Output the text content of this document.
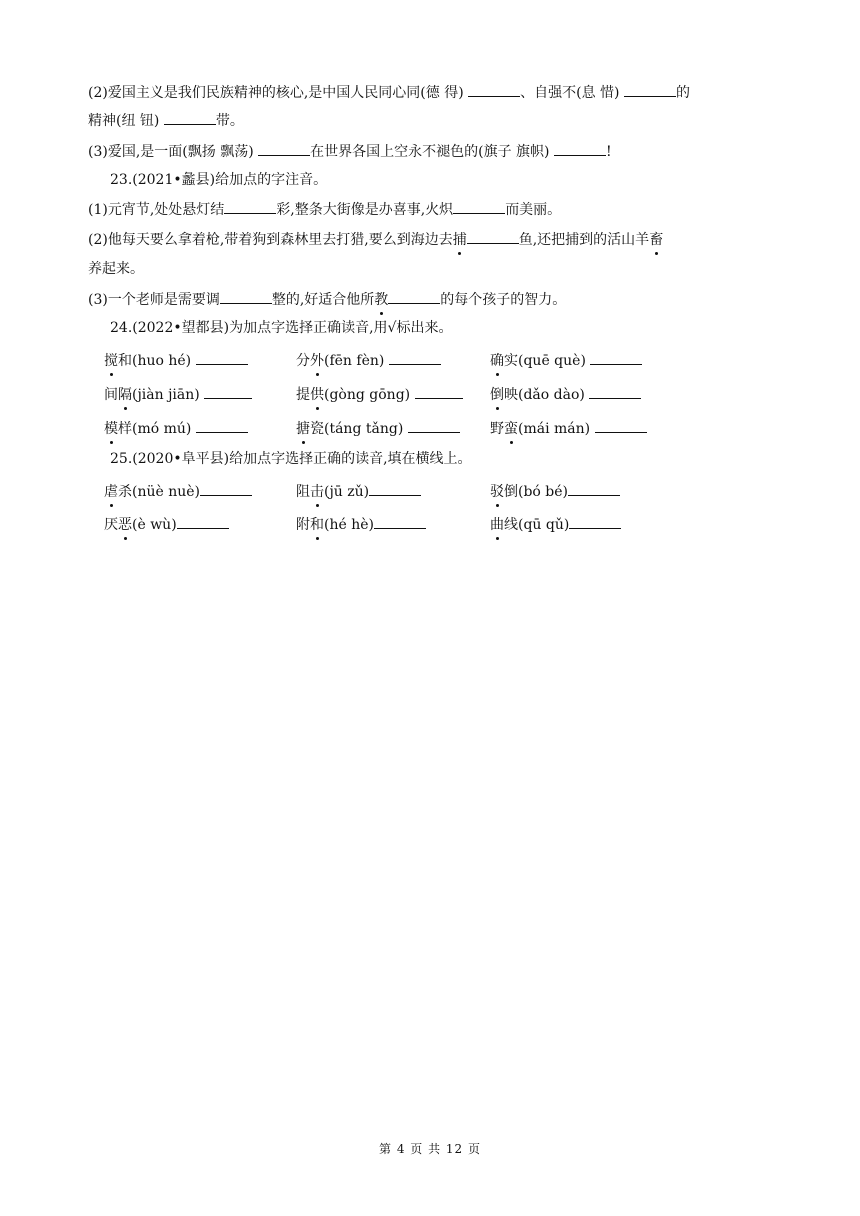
(2)爱国主义是我们民族精神的核心,是中国人民同心同(德 得)	、自强不(息 惜)	的
精神(纽 钮)	带。
(3)爱国,是一面(飘扬 飘荡)	在世界各国上空永不褪色的(旗子 旗帜)	!
23.(2021•蠡县)给加点的字注音。
(1)元宵节,处处悬灯结	彩,整条大街像是办喜事,火炽	而美丽。
(2)他每天要么拿着枪,带着狗到森林里去打猎,要么到海边去捕	鱼,还把捕到的活山羊畜
养起来。
(3)一个老师是需要调	整的,好适合他所教	的每个孩子的智力。
24.(2022•望都县)为加点字选择正确读音,用√标出来。
搅和(huo hé)	分外(fēn fèn)	确实(quē què)
间隔(jiàn jiān)	提供(gòng gōng)	倒映(dǎo dào)
模样(mó mú)	搪瓷(táng tǎng)	野蛮(mái mán)
25.(2020•阜平县)给加点字选择正确的读音,填在横线上。
虐杀(nüè nuè)	阻击(jū zǔ)	驳倒(bó bé)
厌恶(è wù)	附和(hé hè)	曲线(qū qǔ)
第 4 页 共 12 页
